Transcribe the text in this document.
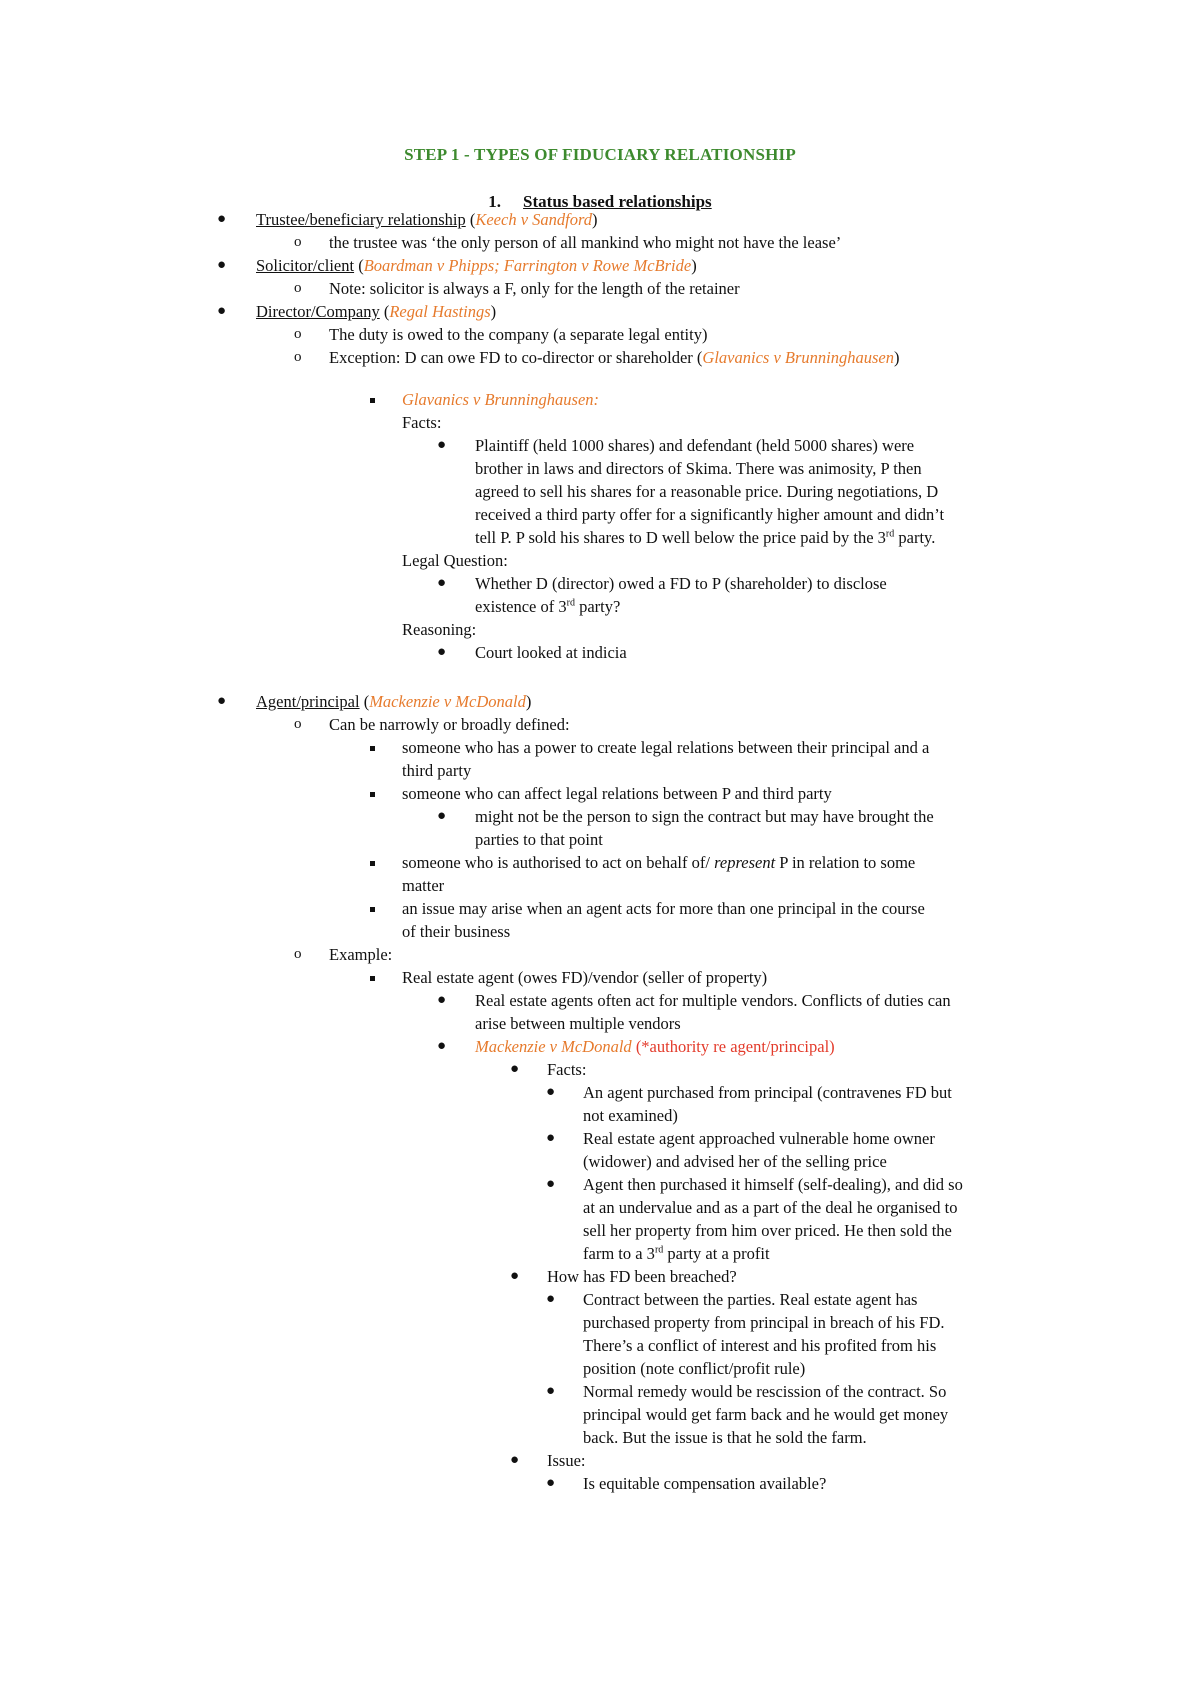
STEP 1 - TYPES OF FIDUCIARY RELATIONSHIP
1. Status based relationships
● Trustee/beneficiary relationship (Keech v Sandford)
o the trustee was ‘the only person of all mankind who might not have the lease’
● Solicitor/client (Boardman v Phipps; Farrington v Rowe McBride)
o Note: solicitor is always a F, only for the length of the retainer
● Director/Company (Regal Hastings)
o The duty is owed to the company (a separate legal entity)
o Exception: D can owe FD to co-director or shareholder (Glavanics v Brunninghausen)
Glavanics v Brunninghausen:
Facts:
● Plaintiff (held 1000 shares) and defendant (held 5000 shares) were
brother in laws and directors of Skima. There was animosity, P then
agreed to sell his shares for a reasonable price. During negotiations, D
received a third party offer for a significantly higher amount and didn’t
tell P. P sold his shares to D well below the price paid by the 3rd party.
Legal Question:
● Whether D (director) owed a FD to P (shareholder) to disclose
existence of 3rd party?
Reasoning:
● Court looked at indicia
● Agent/principal (Mackenzie v McDonald)
o Can be narrowly or broadly defined:
someone who has a power to create legal relations between their principal and a
third party
someone who can affect legal relations between P and third party
● might not be the person to sign the contract but may have brought the
parties to that point
someone who is authorised to act on behalf of/ represent P in relation to some
matter
an issue may arise when an agent acts for more than one principal in the course
of their business
o Example:
Real estate agent (owes FD)/vendor (seller of property)
● Real estate agents often act for multiple vendors. Conflicts of duties can
arise between multiple vendors
● Mackenzie v McDonald (*authority re agent/principal)
● Facts:
● An agent purchased from principal (contravenes FD but
not examined)
● Real estate agent approached vulnerable home owner
(widower) and advised her of the selling price
● Agent then purchased it himself (self-dealing), and did so
at an undervalue and as a part of the deal he organised to
sell her property from him over priced. He then sold the
farm to a 3rd party at a profit
● How has FD been breached?
● Contract between the parties. Real estate agent has
purchased property from principal in breach of his FD.
There’s a conflict of interest and his profited from his
position (note conflict/profit rule)
● Normal remedy would be rescission of the contract. So
principal would get farm back and he would get money
back. But the issue is that he sold the farm.
● Issue:
● Is equitable compensation available?
